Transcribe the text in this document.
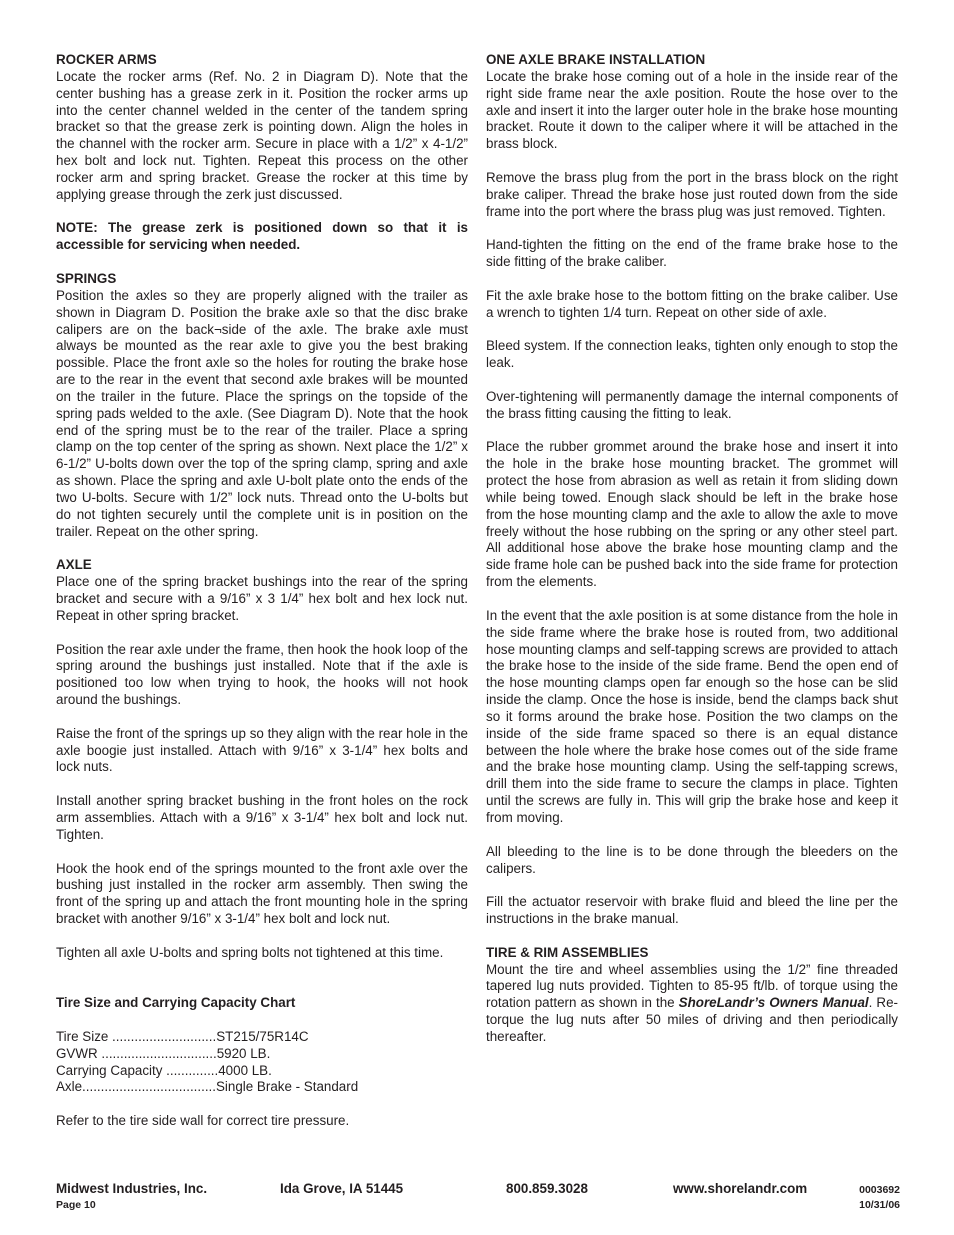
ROCKER ARMS

Locate the rocker arms (Ref. No. 2 in Diagram D). Note that the center bushing has a grease zerk in it. Position the rocker arms up into the center channel welded in the center of the tandem spring bracket so that the grease zerk is pointing down. Align the holes in the channel with the rocker arm. Secure in place with a 1/2” x 4-1/2” hex bolt and lock nut. Tighten. Repeat this process on the other rocker arm and spring bracket. Grease the rocker at this time by applying grease through the zerk just discussed.

NOTE: The grease zerk is positioned down so that it is accessible for servicing when needed.

SPRINGS

Position the axles so they are properly aligned with the trailer as shown in Diagram D. Position the brake axle so that the disc brake calipers are on the back¬side of the axle. The brake axle must always be mounted as the rear axle to give you the best braking possible. Place the front axle so the holes for routing the brake hose are to the rear in the event that second axle brakes will be mounted on the trailer in the future. Place the springs on the topside of the spring pads welded to the axle. (See Diagram D). Note that the hook end of the spring must be to the rear of the trailer. Place a spring clamp on the top center of the spring as shown. Next place the 1/2” x 6-1/2” U-bolts down over the top of the spring clamp, spring and axle as shown. Place the spring and axle U-bolt plate onto the ends of the two U-bolts. Secure with 1/2” lock nuts. Thread onto the U-bolts but do not tighten securely until the complete unit is in position on the trailer. Repeat on the other spring.

AXLE

Place one of the spring bracket bushings into the rear of the spring bracket and secure with a 9/16” x 3 1/4” hex bolt and hex lock nut. Repeat in other spring bracket.

Position the rear axle under the frame, then hook the hook loop of the spring around the bushings just installed. Note that if the axle is positioned too low when trying to hook, the hooks will not hook around the bushings.

Raise the front of the springs up so they align with the rear hole in the axle boogie just installed. Attach with 9/16” x 3-1/4” hex bolts and lock nuts.

Install another spring bracket bushing in the front holes on the rock arm assemblies. Attach with a 9/16” x 3-1/4” hex bolt and lock nut. Tighten.

Hook the hook end of the springs mounted to the front axle over the bushing just installed in the rocker arm assembly. Then swing the front of the spring up and attach the front mounting hole in the spring bracket with another 9/16” x 3-1/4” hex bolt and lock nut.

Tighten all axle U-bolts and spring bolts not tightened at this time.

Tire Size and Carrying Capacity Chart
Tire Size ............................ST215/75R14C
GVWR ...............................5920 LB.
Carrying Capacity ..............4000 LB.
Axle....................................Single Brake - Standard

Refer to the tire side wall for correct tire pressure.

ONE AXLE BRAKE INSTALLATION

Locate the brake hose coming out of a hole in the inside rear of the right side frame near the axle position. Route the hose over to the axle and insert it into the larger outer hole in the brake hose mounting bracket. Route it down to the caliper where it will be attached in the brass block.

Remove the brass plug from the port in the brass block on the right brake caliper. Thread the brake hose just routed down from the side frame into the port where the brass plug was just removed. Tighten.

Hand-tighten the fitting on the end of the frame brake hose to the side fitting of the brake caliber.

Fit the axle brake hose to the bottom fitting on the brake caliber. Use a wrench to tighten 1/4 turn. Repeat on other side of axle.

Bleed system. If the connection leaks, tighten only enough to stop the leak.

Over-tightening will permanently damage the internal components of the brass fitting causing the fitting to leak.

Place the rubber grommet around the brake hose and insert it into the hole in the brake hose mounting bracket. The grommet will protect the hose from abrasion as well as retain it from sliding down while being towed. Enough slack should be left in the brake hose from the hose mounting clamp and the axle to allow the axle to move freely without the hose rubbing on the spring or any other steel part. All additional hose above the brake hose mounting clamp and the side frame hole can be pushed back into the side frame for protection from the elements.

In the event that the axle position is at some distance from the hole in the side frame where the brake hose is routed from, two additional hose mounting clamps and self-tapping screws are provided to attach the brake hose to the inside of the side frame. Bend the open end of the hose mounting clamps open far enough so the hose can be slid inside the clamp. Once the hose is inside, bend the clamps back shut so it forms around the brake hose. Position the two clamps on the inside of the side frame spaced so there is an equal distance between the hole where the brake hose comes out of the side frame and the brake hose mounting clamp. Using the self-tapping screws, drill them into the side frame to secure the clamps in place. Tighten until the screws are fully in. This will grip the brake hose and keep it from moving.

All bleeding to the line is to be done through the bleeders on the calipers.

Fill the actuator reservoir with brake fluid and bleed the line per the instructions in the brake manual.

TIRE & RIM ASSEMBLIES

Mount the tire and wheel assemblies using the 1/2” fine threaded tapered lug nuts provided. Tighten to 85-95 ft/lb. of torque using the rotation pattern as shown in the ShoreLandr’s Owners Manual. Re-torque the lug nuts after 50 miles of driving and then periodically thereafter.

Midwest Industries, Inc.
Page 10
Ida Grove, IA 51445	800.859.3028	www.shorelandr.com	0003692
10/31/06
